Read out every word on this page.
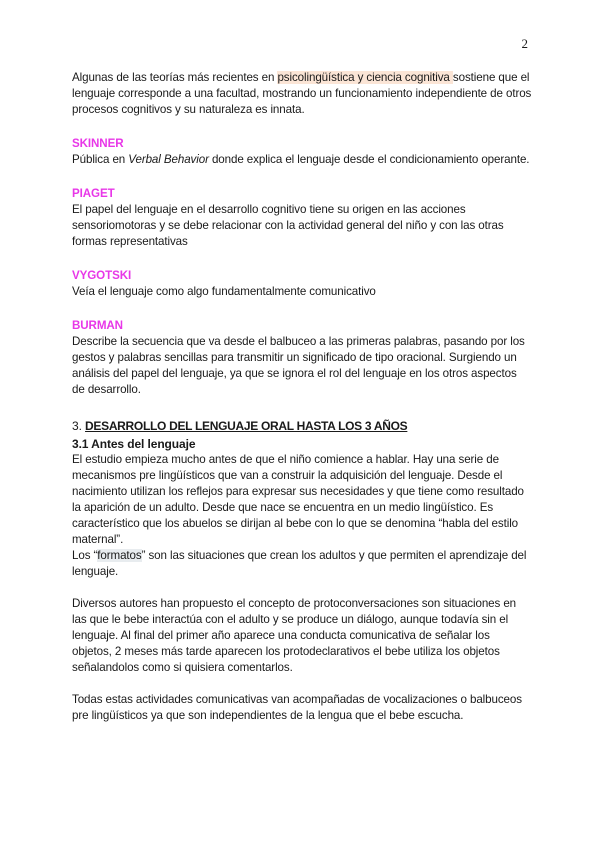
2

Algunas de las teorías más recientes en psicolingüística y ciencia cognitiva sostiene que el lenguaje corresponde a una facultad, mostrando un funcionamiento independiente de otros procesos cognitivos y su naturaleza es innata.

SKINNER

Pública en Verbal Behavior donde explica el lenguaje desde el condicionamiento operante.

PIAGET

El papel del lenguaje en el desarrollo cognitivo tiene su origen en las acciones sensoriomotoras y se debe relacionar con la actividad general del niño y con las otras formas representativas

VYGOTSKI

Veía el lenguaje como algo fundamentalmente comunicativo

BURMAN

Describe la secuencia que va desde el balbuceo a las primeras palabras, pasando por los gestos y palabras sencillas para transmitir un significado de tipo oracional. Surgiendo un análisis del papel del lenguaje, ya que se ignora el rol del lenguaje en los otros aspectos de desarrollo.

3. DESARROLLO DEL LENGUAJE ORAL HASTA LOS 3 AÑOS
3.1 Antes del lenguaje

El estudio empieza mucho antes de que el niño comience a hablar. Hay una serie de mecanismos pre lingüísticos que van a construir la adquisición del lenguaje. Desde el nacimiento utilizan los reflejos para expresar sus necesidades y que tiene como resultado la aparición de un adulto. Desde que nace se encuentra en un medio lingüístico. Es característico que los abuelos se dirijan al bebe con lo que se denomina “habla del estilo maternal”.

Los “formatos” son las situaciones que crean los adultos y que permiten el aprendizaje del lenguaje.

Diversos autores han propuesto el concepto de protoconversaciones son situaciones en las que le bebe interactúa con el adulto y se produce un diálogo, aunque todavía sin el lenguaje. Al final del primer año aparece una conducta comunicativa de señalar los objetos, 2 meses más tarde aparecen los protodeclarativos el bebe utiliza los objetos señalandolos como si quisiera comentarlos.

Todas estas actividades comunicativas van acompañadas de vocalizaciones o balbuceos pre lingüísticos ya que son independientes de la lengua que el bebe escucha.
